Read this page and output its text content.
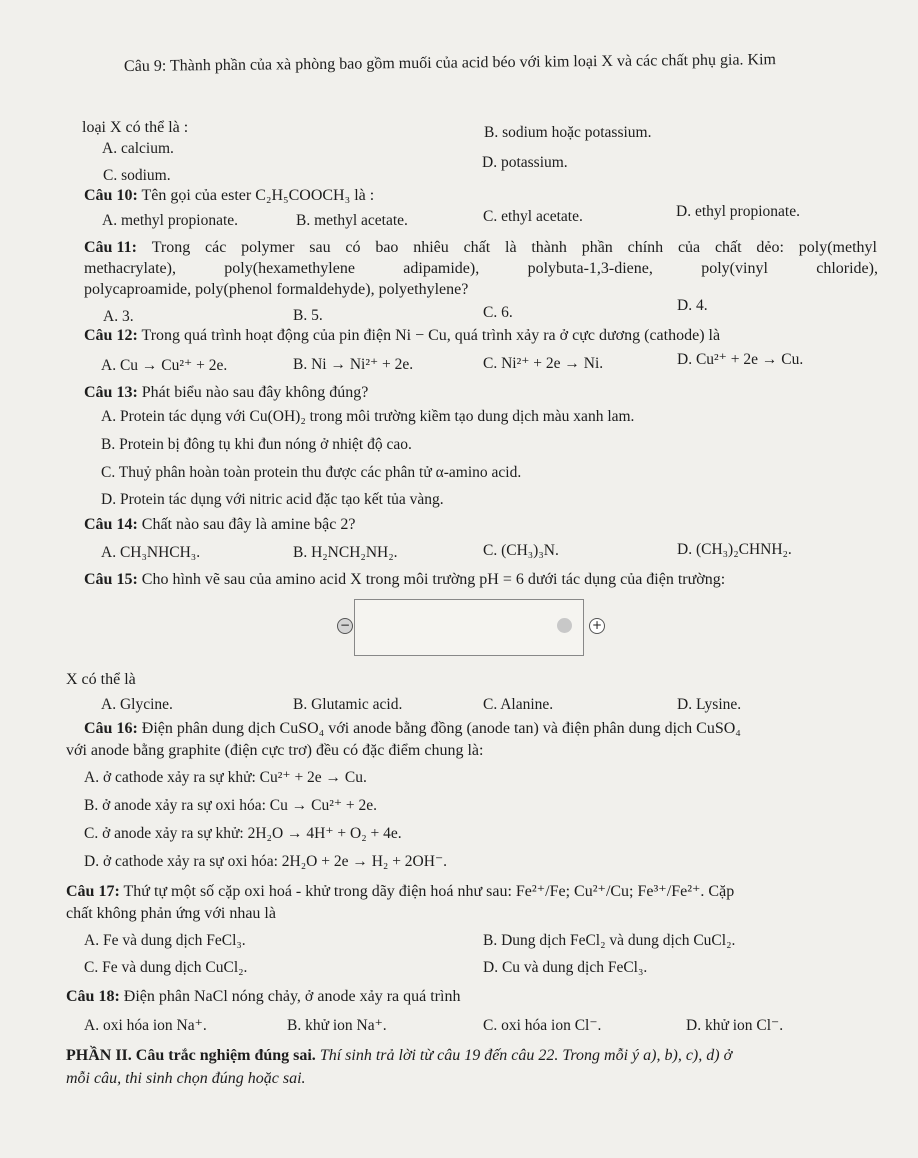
Câu 9: Thành phần của xà phòng bao gồm muối của acid béo với kim loại X và các chất phụ gia. Kim
loại X có thể là :
A. calcium.
B. sodium hoặc potassium.
C. sodium.
D. potassium.
Câu 10: Tên gọi của ester C₂H₅COOCH₃ là :
A. methyl propionate.	B. methyl acetate.	C. ethyl acetate.	D. ethyl propionate.
Câu 11: Trong các polymer sau có bao nhiêu chất là thành phần chính của chất dẻo: poly(methyl
methacrylate),	poly(hexamethylene	adipamide),	polybuta-1,3-diene,	poly(vinyl	chloride),
polycaproamide, poly(phenol formaldehyde), polyethylene?
A. 3.	B. 5.	C. 6.	D. 4.
Câu 12: Trong quá trình hoạt động của pin điện Ni − Cu, quá trình xảy ra ở cực dương (cathode) là
A. Cu → Cu²⁺ + 2e.	B. Ni → Ni²⁺ + 2e.	C. Ni²⁺ + 2e → Ni.	D. Cu²⁺ + 2e → Cu.
Câu 13: Phát biểu nào sau đây không đúng?
A. Protein tác dụng với Cu(OH)₂ trong môi trường kiềm tạo dung dịch màu xanh lam.
B. Protein bị đông tụ khi đun nóng ở nhiệt độ cao.
C. Thuỷ phân hoàn toàn protein thu được các phân tử α-amino acid.
D. Protein tác dụng với nitric acid đặc tạo kết tủa vàng.
Câu 14: Chất nào sau đây là amine bậc 2?
A. CH₃NHCH₃.	B. H₂NCH₂NH₂.	C. (CH₃)₃N.	D. (CH₃)₂CHNH₂.
Câu 15: Cho hình vẽ sau của amino acid X trong môi trường pH = 6 dưới tác dụng của điện trường:
−	+
X có thể là
A. Glycine.	B. Glutamic acid.	C. Alanine.	D. Lysine.
Câu 16: Điện phân dung dịch CuSO₄ với anode bằng đồng (anode tan) và điện phân dung dịch CuSO₄
với anode bằng graphite (điện cực trơ) đều có đặc điểm chung là:
A. ở cathode xảy ra sự khử: Cu²⁺ + 2e → Cu.
B. ở anode xảy ra sự oxi hóa: Cu → Cu²⁺ + 2e.
C. ở anode xảy ra sự khử: 2H₂O → 4H⁺ + O₂ + 4e.
D. ở cathode xảy ra sự oxi hóa: 2H₂O + 2e → H₂ + 2OH⁻.
Câu 17: Thứ tự một số cặp oxi hoá - khử trong dãy điện hoá như sau: Fe²⁺/Fe; Cu²⁺/Cu; Fe³⁺/Fe²⁺. Cặp
chất không phản ứng với nhau là
A. Fe và dung dịch FeCl₃.	B. Dung dịch FeCl₂ và dung dịch CuCl₂.
C. Fe và dung dịch CuCl₂.	D. Cu và dung dịch FeCl₃.
Câu 18: Điện phân NaCl nóng chảy, ở anode xảy ra quá trình
A. oxi hóa ion Na⁺.	B. khử ion Na⁺.	C. oxi hóa ion Cl⁻.	D. khử ion Cl⁻.
PHẦN II. Câu trắc nghiệm đúng sai. Thí sinh trả lời từ câu 19 đến câu 22. Trong mỗi ý a), b), c), d) ở
mỗi câu, thi sinh chọn đúng hoặc sai.
